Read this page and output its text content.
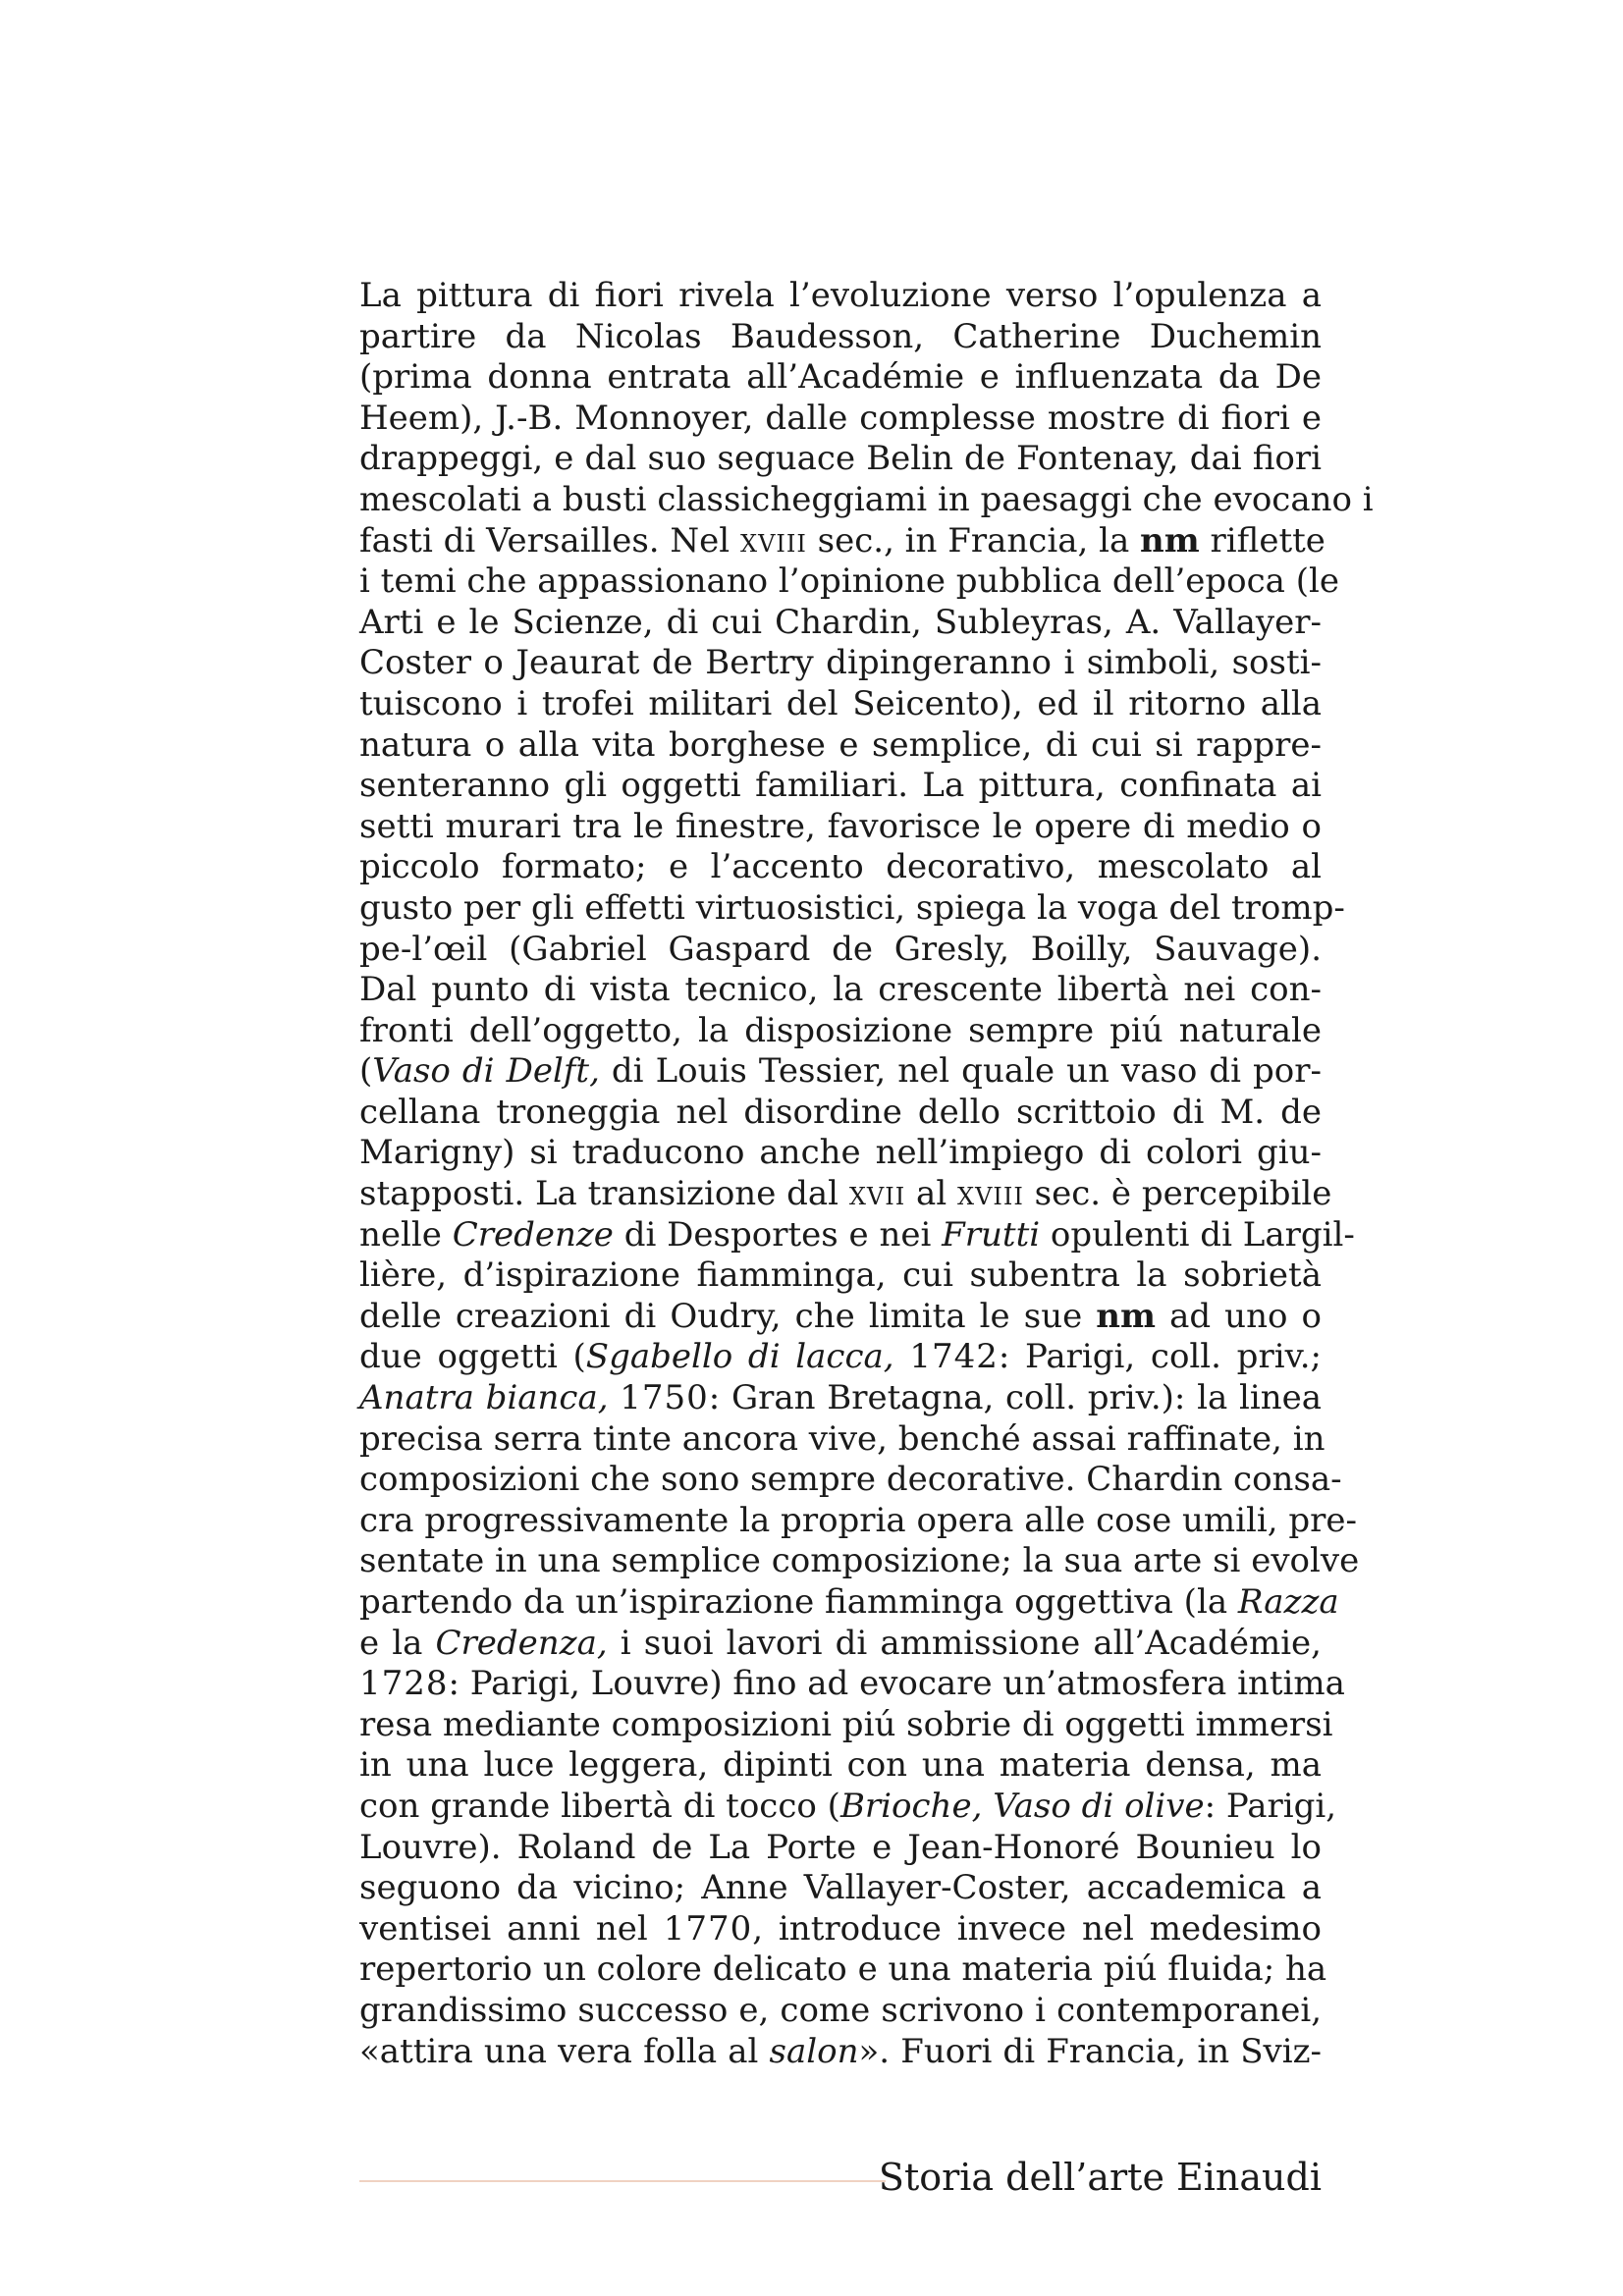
La pittura di fiori rivela l’evoluzione verso l’opulenza a
partire da Nicolas Baudesson, Catherine Duchemin
(prima donna entrata all’Académie e influenzata da De
Heem), J.-B. Monnoyer, dalle complesse mostre di fiori e
drappeggi, e dal suo seguace Belin de Fontenay, dai fiori
mescolati a busti classicheggiami in paesaggi che evocano i
fasti di Versailles. Nel xviii sec., in Francia, la nm riflette
i temi che appassionano l’opinione pubblica dell’epoca (le
Arti e le Scienze, di cui Chardin, Subleyras, A. Vallayer-
Coster o Jeaurat de Bertry dipingeranno i simboli, sosti-
tuiscono i trofei militari del Seicento), ed il ritorno alla
natura o alla vita borghese e semplice, di cui si rappre-
senteranno gli oggetti familiari. La pittura, confinata ai
setti murari tra le finestre, favorisce le opere di medio o
piccolo formato; e l’accento decorativo, mescolato al
gusto per gli effetti virtuosistici, spiega la voga del tromp-
pe-l’œil (Gabriel Gaspard de Gresly, Boilly, Sauvage).
Dal punto di vista tecnico, la crescente libertà nei con-
fronti dell’oggetto, la disposizione sempre piú naturale
(Vaso di Delft, di Louis Tessier, nel quale un vaso di por-
cellana troneggia nel disordine dello scrittoio di M. de
Marigny) si traducono anche nell’impiego di colori giu-
stapposti. La transizione dal xvii al xviii sec. è percepibile
nelle Credenze di Desportes e nei Frutti opulenti di Largil-
lière, d’ispirazione fiamminga, cui subentra la sobrietà
delle creazioni di Oudry, che limita le sue nm ad uno o
due oggetti (Sgabello di lacca, 1742: Parigi, coll. priv.;
Anatra bianca, 1750: Gran Bretagna, coll. priv.): la linea
precisa serra tinte ancora vive, benché assai raffinate, in
composizioni che sono sempre decorative. Chardin consa-
cra progressivamente la propria opera alle cose umili, pre-
sentate in una semplice composizione; la sua arte si evolve
partendo da un’ispirazione fiamminga oggettiva (la Razza
e la Credenza, i suoi lavori di ammissione all’Académie,
1728: Parigi, Louvre) fino ad evocare un’atmosfera intima
resa mediante composizioni piú sobrie di oggetti immersi
in una luce leggera, dipinti con una materia densa, ma
con grande libertà di tocco (Brioche, Vaso di olive: Parigi,
Louvre). Roland de La Porte e Jean-Honoré Bounieu lo
seguono da vicino; Anne Vallayer-Coster, accademica a
ventisei anni nel 1770, introduce invece nel medesimo
repertorio un colore delicato e una materia piú fluida; ha
grandissimo successo e, come scrivono i contemporanei,
«attira una vera folla al salon». Fuori di Francia, in Sviz-
Storia dell’arte Einaudi
